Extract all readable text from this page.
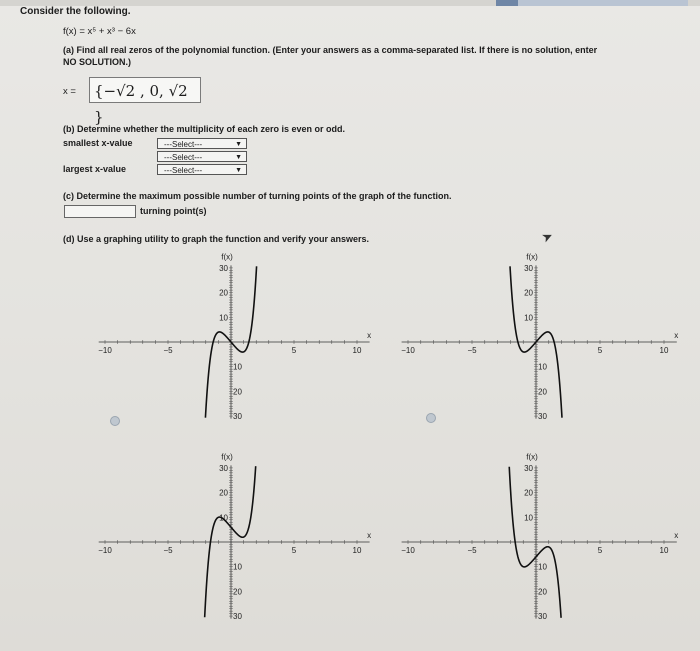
Consider the following.
f(x) = x⁵ + x³ − 6x
(a) Find all real zeros of the polynomial function. (Enter your answers as a comma-separated list. If there is no solution, enter
NO SOLUTION.)
x =	{−√2 , 0, √2 }
(b) Determine whether the multiplicity of each zero is even or odd.
smallest x-value	---Select---	▼
---Select---	▼
largest x-value	---Select---	▼
(c) Determine the maximum possible number of turning points of the graph of the function.
turning point(s)
(d) Use a graphing utility to graph the function and verify your answers.	➤
−10	−5	5	10
30
20
10
10
20
30
f(x)
x
−10	−5	5	10
30
20
10
10
20
30
f(x)
x
−10	−5	5	10
30
20
10
10
20
30
f(x)
x
−10	−5	5	10
30
20
10
10
20
30
f(x)
x
